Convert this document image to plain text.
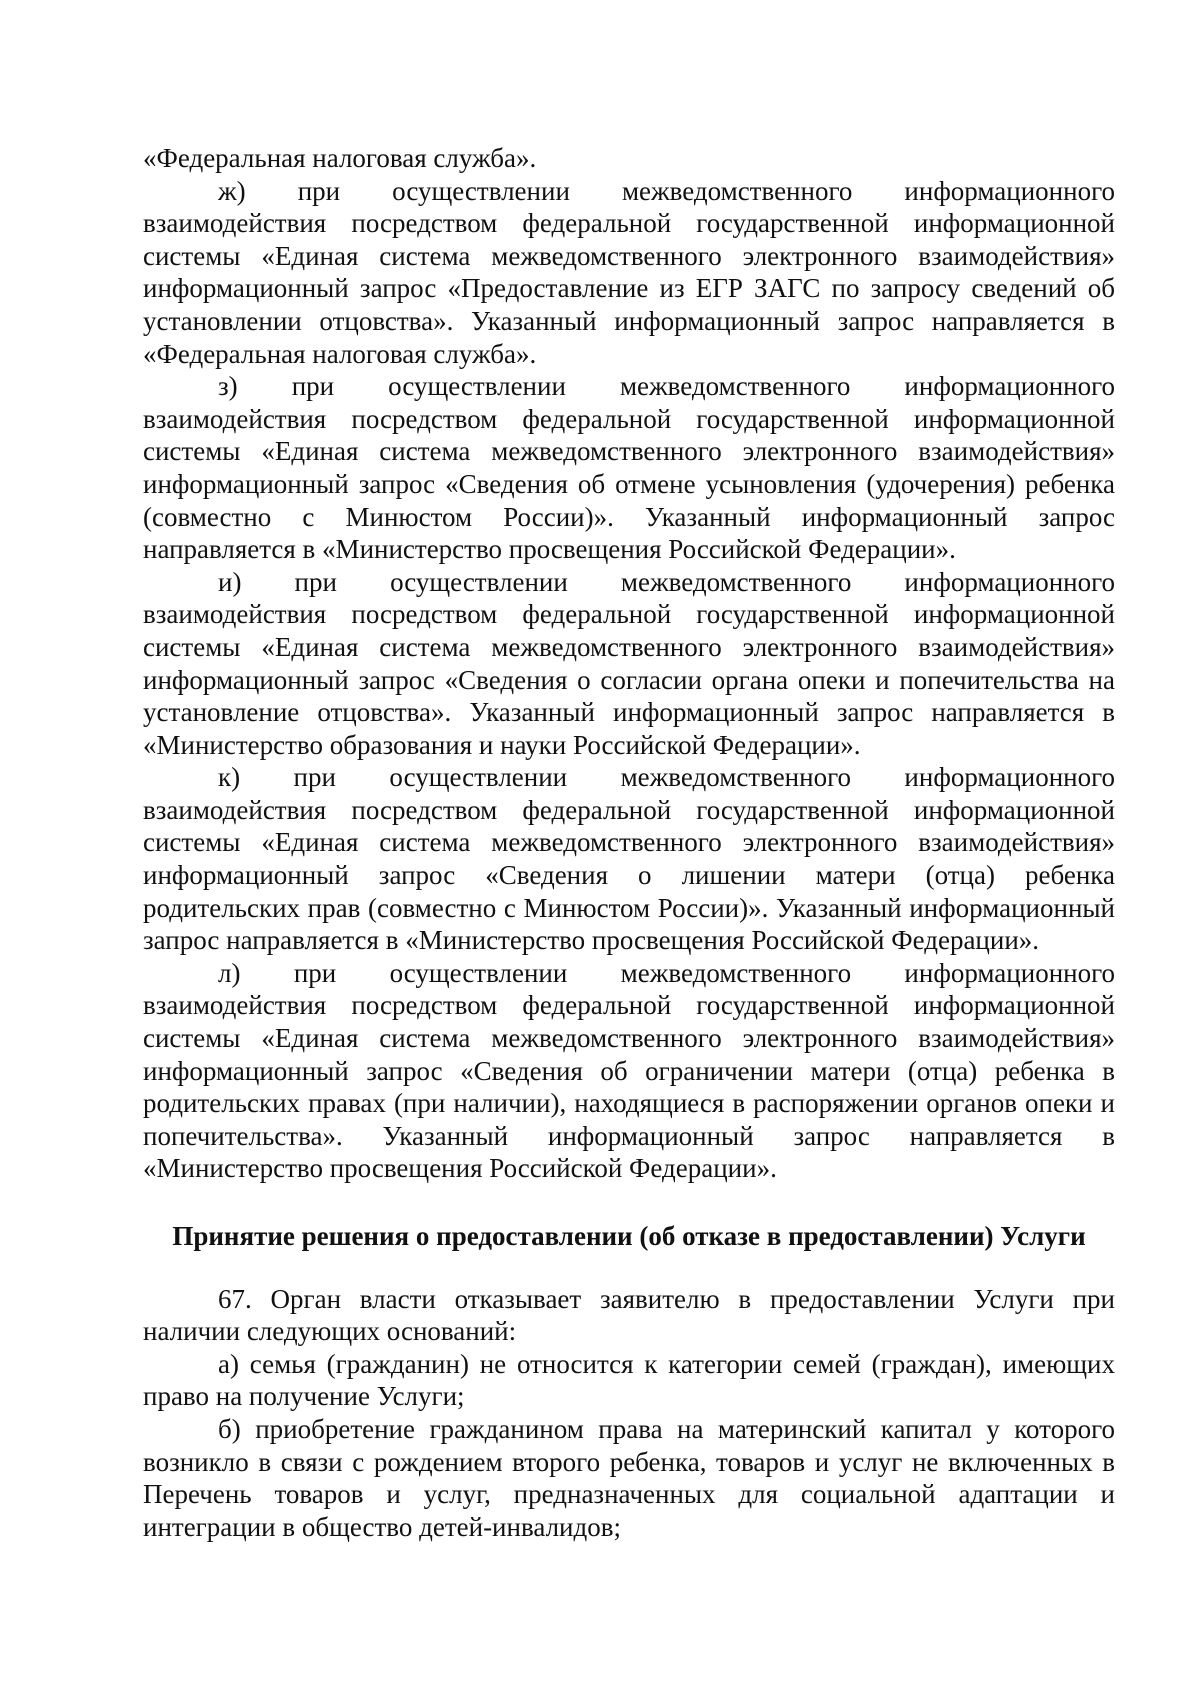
«Федеральная налоговая служба».

ж) при осуществлении межведомственного информационного взаимодействия посредством федеральной государственной информационной системы «Единая система межведомственного электронного взаимодействия» информационный запрос «Предоставление из ЕГР ЗАГС по запросу сведений об установлении отцовства». Указанный информационный запрос направляется в «Федеральная налоговая служба».

з) при осуществлении межведомственного информационного взаимодействия посредством федеральной государственной информационной системы «Единая система межведомственного электронного взаимодействия» информационный запрос «Сведения об отмене усыновления (удочерения) ребенка (совместно с Минюстом России)». Указанный информационный запрос направляется в «Министерство просвещения Российской Федерации».

и) при осуществлении межведомственного информационного взаимодействия посредством федеральной государственной информационной системы «Единая система межведомственного электронного взаимодействия» информационный запрос «Сведения о согласии органа опеки и попечительства на установление отцовства». Указанный информационный запрос направляется в «Министерство образования и науки Российской Федерации».

к) при осуществлении межведомственного информационного взаимодействия посредством федеральной государственной информационной системы «Единая система межведомственного электронного взаимодействия» информационный запрос «Сведения о лишении матери (отца) ребенка родительских прав (совместно с Минюстом России)». Указанный информационный запрос направляется в «Министерство просвещения Российской Федерации».

л) при осуществлении межведомственного информационного взаимодействия посредством федеральной государственной информационной системы «Единая система межведомственного электронного взаимодействия» информационный запрос «Сведения об ограничении матери (отца) ребенка в родительских правах (при наличии), находящиеся в распоряжении органов опеки и попечительства». Указанный информационный запрос направляется в «Министерство просвещения Российской Федерации».

Принятие решения о предоставлении (об отказе в предоставлении) Услуги

67. Орган власти отказывает заявителю в предоставлении Услуги при наличии следующих оснований:

а) семья (гражданин) не относится к категории семей (граждан), имеющих право на получение Услуги;

б) приобретение гражданином права на материнский капитал у которого возникло в связи с рождением второго ребенка, товаров и услуг не включенных в Перечень товаров и услуг, предназначенных для социальной адаптации и интеграции в общество детей-инвалидов;
